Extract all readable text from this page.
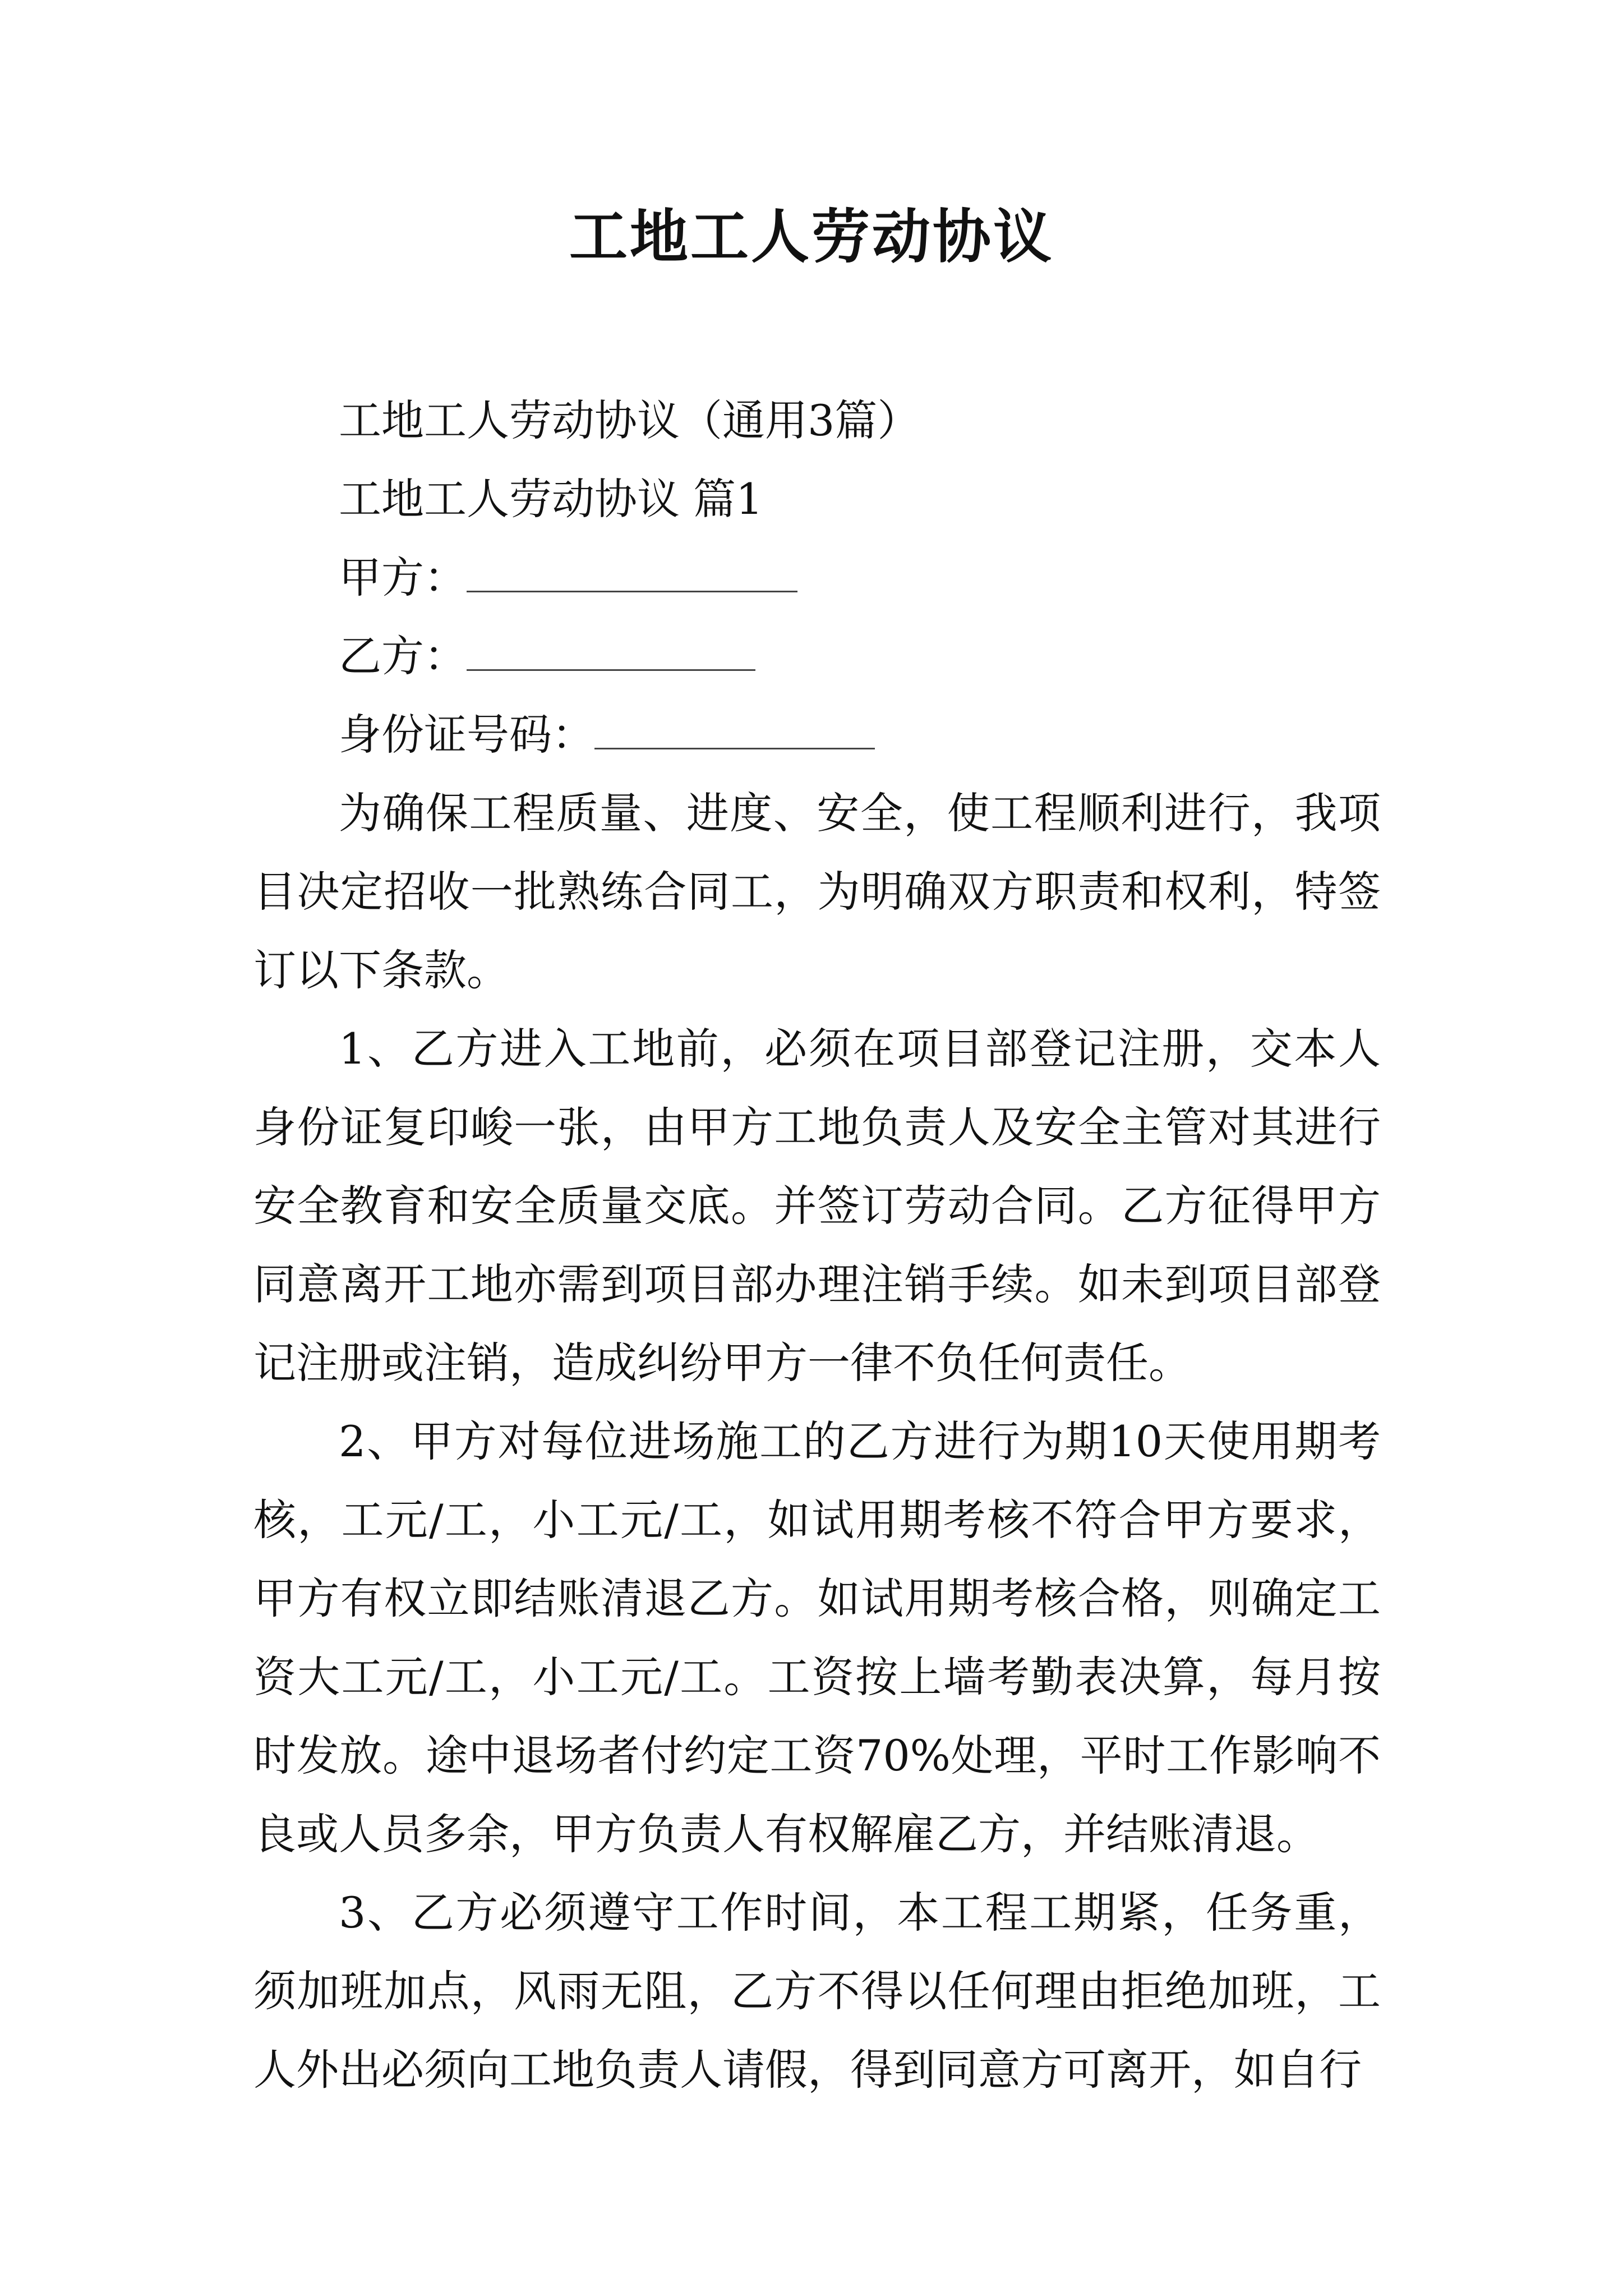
工地工人劳动协议
工地工人劳动协议（通用3篇）
工地工人劳动协议 篇1
甲方：
乙方：
身份证号码：

为确保工程质量、进度、安全，使工程顺利进行，我项目决定招收一批熟练合同工，为明确双方职责和权利，特签订以下条款。

1、乙方进入工地前，必须在项目部登记注册，交本人身份证复印峻一张，由甲方工地负责人及安全主管对其进行安全教育和安全质量交底。并签订劳动合同。乙方征得甲方同意离开工地亦需到项目部办理注销手续。如未到项目部登记注册或注销，造成纠纷甲方一律不负任何责任。

2、甲方对每位进场施工的乙方进行为期10天使用期考核，工元/工，小工元/工，如试用期考核不符合甲方要求，甲方有权立即结账清退乙方。如试用期考核合格，则确定工资大工元/工，小工元/工。工资按上墙考勤表决算，每月按时发放。途中退场者付约定工资70%处理，平时工作影响不良或人员多余，甲方负责人有权解雇乙方，并结账清退。

3、乙方必须遵守工作时间，本工程工期紧，任务重，须加班加点，风雨无阻，乙方不得以任何理由拒绝加班，工人外出必须向工地负责人请假，得到同意方可离开，如自行
